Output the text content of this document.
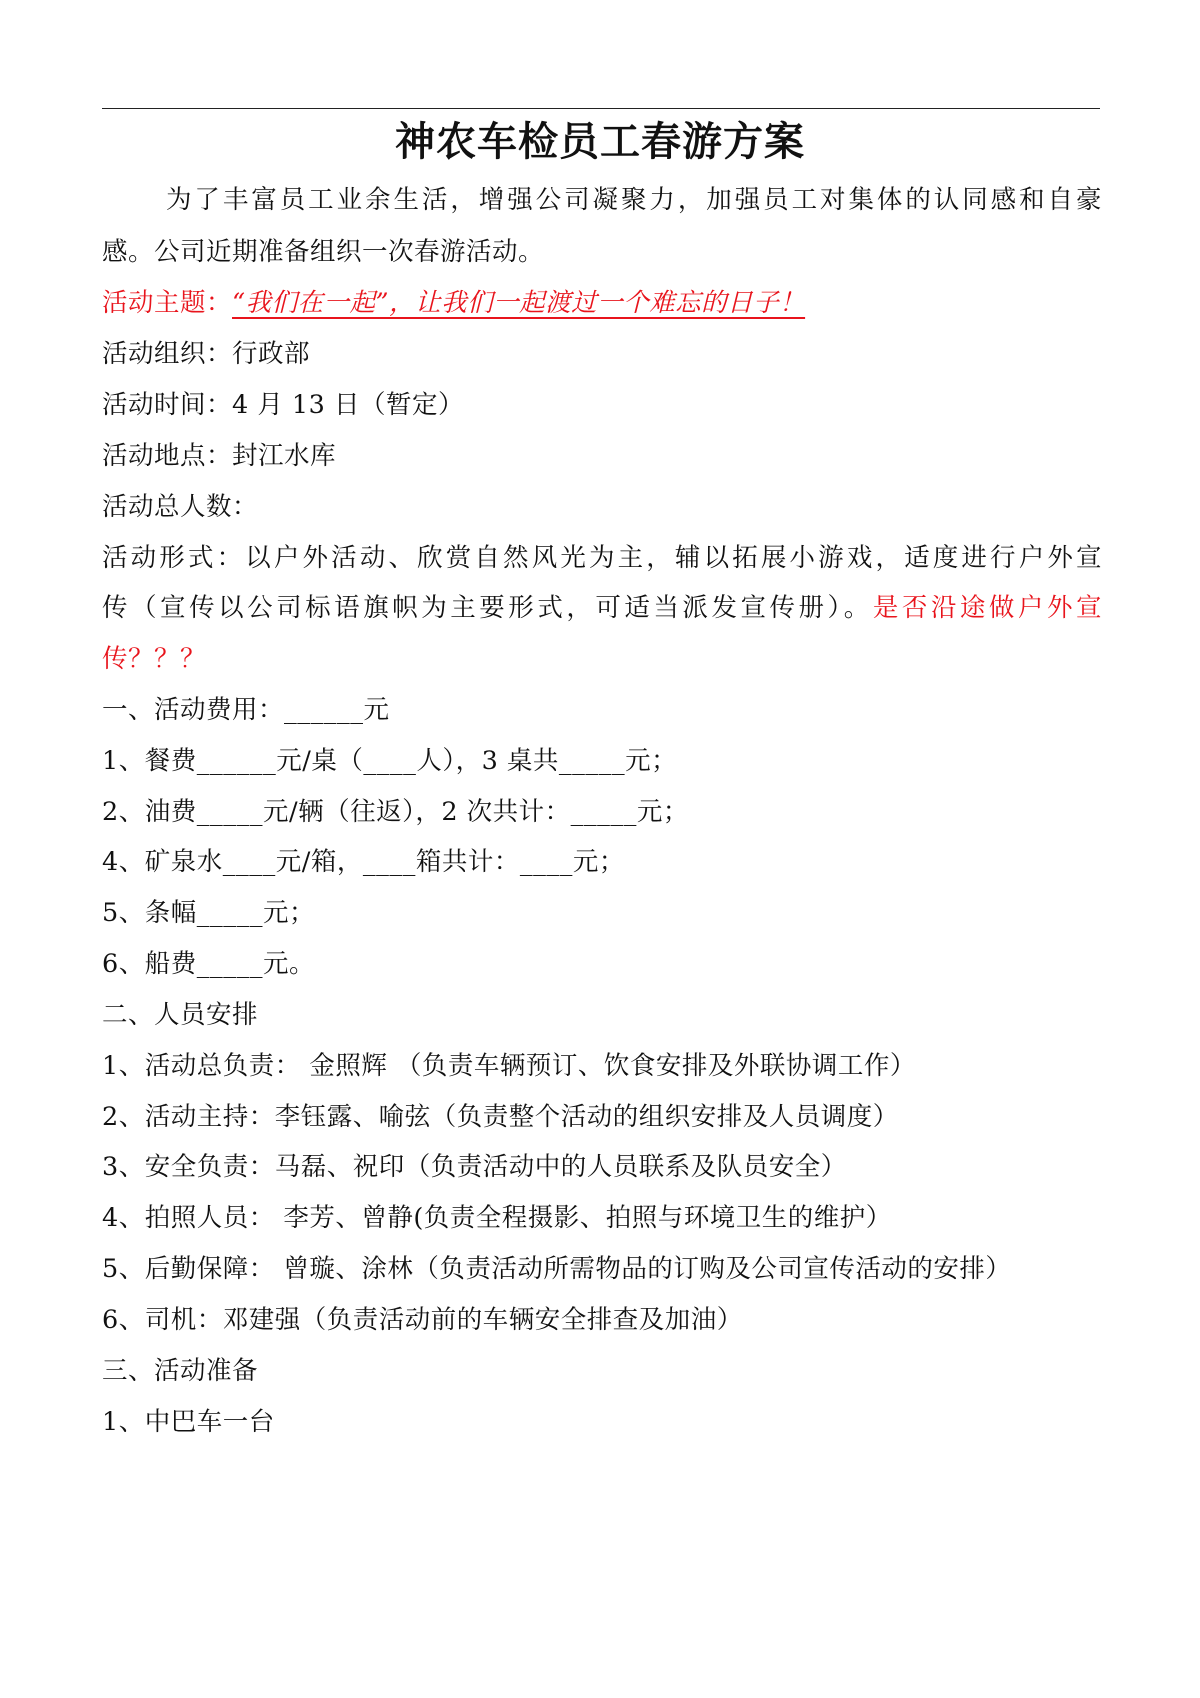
神农车检员工春游方案
为了丰富员工业余生活，增强公司凝聚力，加强员工对集体的认同感和自豪
感。公司近期准备组织一次春游活动。
活动主题：“我们在一起”，让我们一起渡过一个难忘的日子！
活动组织：行政部
活动时间：4 月 13 日（暂定）
活动地点：封江水库
活动总人数：
活动形式：以户外活动、欣赏自然风光为主，辅以拓展小游戏，适度进行户外宣
传（宣传以公司标语旗帜为主要形式，可适当派发宣传册）。是否沿途做户外宣
传？？？
一、活动费用：______元
1、餐费______元/桌（____人），3 桌共_____元；
2、油费_____元/辆（往返），2 次共计：_____元；
4、矿泉水____元/箱，____箱共计：____元；
5、条幅_____元；
6、船费_____元。
二、人员安排
1、活动总负责： 金照辉 （负责车辆预订、饮食安排及外联协调工作）
2、活动主持：李钰露、喻弦（负责整个活动的组织安排及人员调度）
3、安全负责：马磊、祝印（负责活动中的人员联系及队员安全）
4、拍照人员： 李芳、曾静(负责全程摄影、拍照与环境卫生的维护）
5、后勤保障： 曾璇、涂林（负责活动所需物品的订购及公司宣传活动的安排）
6、司机：邓建强（负责活动前的车辆安全排查及加油）
三、活动准备
1、中巴车一台
